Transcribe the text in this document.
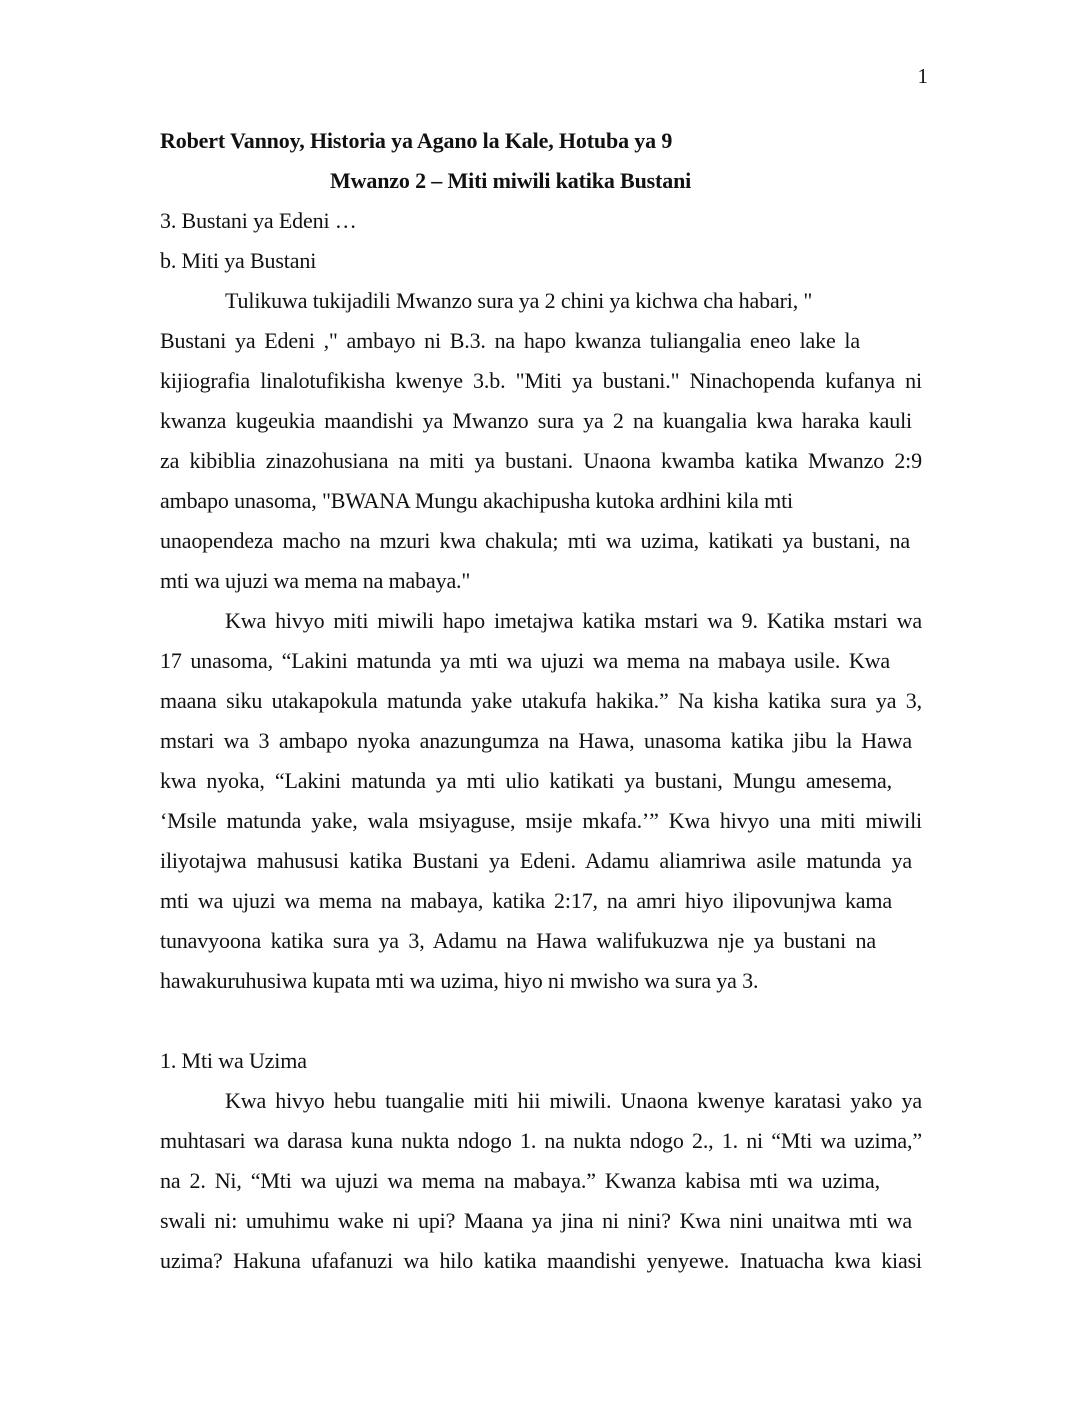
1
Robert Vannoy, Historia ya Agano la Kale, Hotuba ya 9
Mwanzo 2 – Miti miwili katika Bustani
3. Bustani ya Edeni …
b. Miti ya Bustani
Tulikuwa tukijadili Mwanzo sura ya 2 chini ya kichwa cha habari, "
Bustani ya Edeni ," ambayo ni B.3. na hapo kwanza tuliangalia eneo lake la
kijiografia linalotufikisha kwenye 3.b. "Miti ya bustani." Ninachopenda kufanya ni
kwanza kugeukia maandishi ya Mwanzo sura ya 2 na kuangalia kwa haraka kauli
za kibiblia zinazohusiana na miti ya bustani. Unaona kwamba katika Mwanzo 2:9
ambapo unasoma, "BWANA Mungu akachipusha kutoka ardhini kila mti
unaopendeza macho na mzuri kwa chakula; mti wa uzima, katikati ya bustani, na
mti wa ujuzi wa mema na mabaya."
Kwa hivyo miti miwili hapo imetajwa katika mstari wa 9. Katika mstari wa
17 unasoma, “Lakini matunda ya mti wa ujuzi wa mema na mabaya usile. Kwa
maana siku utakapokula matunda yake utakufa hakika.” Na kisha katika sura ya 3,
mstari wa 3 ambapo nyoka anazungumza na Hawa, unasoma katika jibu la Hawa
kwa nyoka, “Lakini matunda ya mti ulio katikati ya bustani, Mungu amesema,
‘Msile matunda yake, wala msiyaguse, msije mkafa.’” Kwa hivyo una miti miwili
iliyotajwa mahususi katika Bustani ya Edeni. Adamu aliamriwa asile matunda ya
mti wa ujuzi wa mema na mabaya, katika 2:17, na amri hiyo ilipovunjwa kama
tunavyoona katika sura ya 3, Adamu na Hawa walifukuzwa nje ya bustani na
hawakuruhusiwa kupata mti wa uzima, hiyo ni mwisho wa sura ya 3.
1. Mti wa Uzima
Kwa hivyo hebu tuangalie miti hii miwili. Unaona kwenye karatasi yako ya
muhtasari wa darasa kuna nukta ndogo 1. na nukta ndogo 2., 1. ni “Mti wa uzima,”
na 2. Ni, “Mti wa ujuzi wa mema na mabaya.” Kwanza kabisa mti wa uzima,
swali ni: umuhimu wake ni upi? Maana ya jina ni nini? Kwa nini unaitwa mti wa
uzima? Hakuna ufafanuzi wa hilo katika maandishi yenyewe. Inatuacha kwa kiasi
